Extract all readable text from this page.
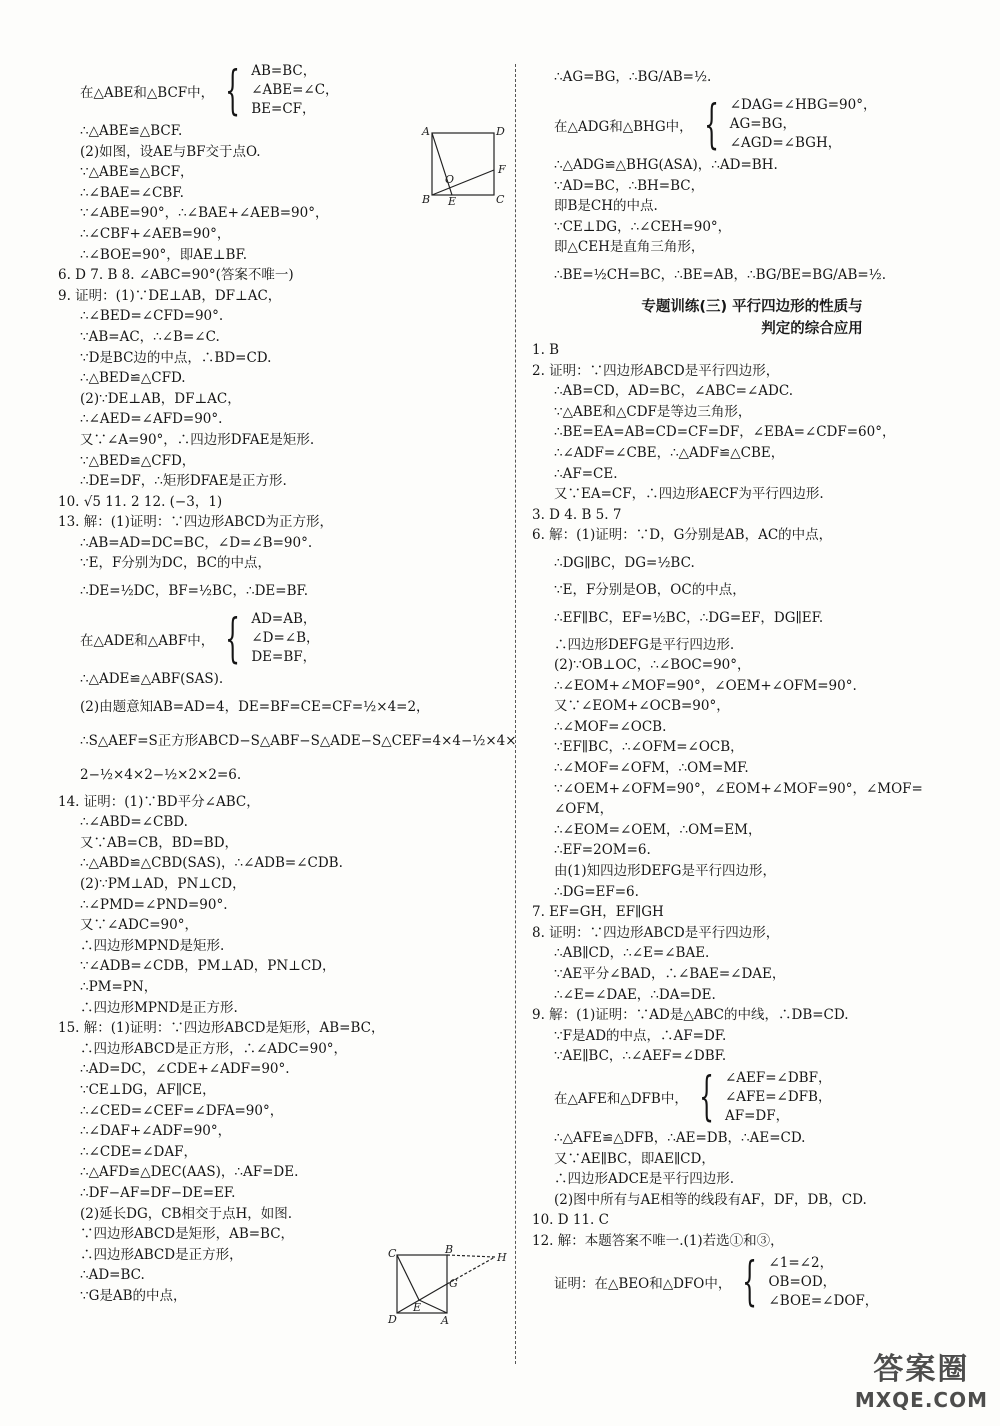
在△ABE和△BCF中， { AB=BC，
∠ABE=∠C，
BE=CF，
∴△ABE≌△BCF.
(2)如图，设AE与BF交于点O.
∵△ABE≌△BCF，
∴∠BAE=∠CBF.
∵∠ABE=90°，∴∠BAE+∠AEB=90°，
∴∠CBF+∠AEB=90°，
∴∠BOE=90°，即AE⊥BF.
6. D 7. B 8. ∠ABC=90°(答案不唯一)
9. 证明：(1)∵DE⊥AB，DF⊥AC，
∴∠BED=∠CFD=90°.
∵AB=AC，∴∠B=∠C.
∵D是BC边的中点，∴BD=CD.
∴△BED≌△CFD.
(2)∵DE⊥AB，DF⊥AC，
∴∠AED=∠AFD=90°.
又∵∠A=90°，∴四边形DFAE是矩形.
∵△BED≌△CFD，
∴DE=DF，∴矩形DFAE是正方形.
10. √5 11. 2 12. (−3，1)
13. 解：(1)证明：∵四边形ABCD为正方形，
∴AB=AD=DC=BC，∠D=∠B=90°.
∵E，F分别为DC，BC的中点，
∴DE=½DC，BF=½BC，∴DE=BF.
在△ADE和△ABF中， { AD=AB，
∠D=∠B，
DE=BF，
∴△ADE≌△ABF(SAS).
(2)由题意知AB=AD=4，DE=BF=CE=CF=½×4=2，
∴S△AEF=S正方形ABCD−S△ABF−S△ADE−S△CEF=4×4−½×4×
2−½×4×2−½×2×2=6.
14. 证明：(1)∵BD平分∠ABC，
∴∠ABD=∠CBD.
又∵AB=CB，BD=BD，
∴△ABD≌△CBD(SAS)，∴∠ADB=∠CDB.
(2)∵PM⊥AD，PN⊥CD，
∴∠PMD=∠PND=90°.
又∵∠ADC=90°，
∴四边形MPND是矩形.
∵∠ADB=∠CDB，PM⊥AD，PN⊥CD，
∴PM=PN，
∴四边形MPND是正方形.
15. 解：(1)证明：∵四边形ABCD是矩形，AB=BC，
∴四边形ABCD是正方形，∴∠ADC=90°，
∴AD=DC，∠CDE+∠ADF=90°.
∵CE⊥DG，AF∥CE，
∴∠CED=∠CEF=∠DFA=90°，
∴∠DAF+∠ADF=90°，
∴∠CDE=∠DAF，
∴△AFD≌△DEC(AAS)，∴AF=DE.
∴DF−AF=DF−DE=EF.
(2)延长DG，CB相交于点H，如图.
∵四边形ABCD是矩形，AB=BC，
∴四边形ABCD是正方形，
∴AD=BC.
∵G是AB的中点，
A	D
F
O
B E	C
C	B
H
G
E
D	A
∴AG=BG，∴BG/AB=½.
在△ADG和△BHG中， { ∠DAG=∠HBG=90°，
AG=BG，
∠AGD=∠BGH，
∴△ADG≌△BHG(ASA)，∴AD=BH.
∵AD=BC，∴BH=BC，
即B是CH的中点.
∵CE⊥DG，∴∠CEH=90°，
即△CEH是直角三角形，
∴BE=½CH=BC，∴BE=AB，∴BG/BE=BG/AB=½.
专题训练(三) 平行四边形的性质与
判定的综合应用
1. B
2. 证明：∵四边形ABCD是平行四边形，
∴AB=CD，AD=BC，∠ABC=∠ADC.
∵△ABE和△CDF是等边三角形，
∴BE=EA=AB=CD=CF=DF，∠EBA=∠CDF=60°，
∴∠ADF=∠CBE，∴△ADF≌△CBE，
∴AF=CE.
又∵EA=CF，∴四边形AECF为平行四边形.
3. D 4. B 5. 7
6. 解：(1)证明：∵D，G分别是AB，AC的中点，
∴DG∥BC，DG=½BC.
∵E，F分别是OB，OC的中点，
∴EF∥BC，EF=½BC，∴DG=EF，DG∥EF.
∴四边形DEFG是平行四边形.
(2)∵OB⊥OC，∴∠BOC=90°，
∴∠EOM+∠MOF=90°，∠OEM+∠OFM=90°.
又∵∠EOM+∠OCB=90°，
∴∠MOF=∠OCB.
∵EF∥BC，∴∠OFM=∠OCB，
∴∠MOF=∠OFM，∴OM=MF.
∵∠OEM+∠OFM=90°，∠EOM+∠MOF=90°，∠MOF=
∠OFM，
∴∠EOM=∠OEM，∴OM=EM，
∴EF=2OM=6.
由(1)知四边形DEFG是平行四边形，
∴DG=EF=6.
7. EF=GH，EF∥GH
8. 证明：∵四边形ABCD是平行四边形，
∴AB∥CD，∴∠E=∠BAE.
∵AE平分∠BAD，∴∠BAE=∠DAE，
∴∠E=∠DAE，∴DA=DE.
9. 解：(1)证明：∵AD是△ABC的中线，∴DB=CD.
∵F是AD的中点，∴AF=DF.
∵AE∥BC，∴∠AEF=∠DBF.
在△AFE和△DFB中， { ∠AEF=∠DBF，
∠AFE=∠DFB，
AF=DF，
∴△AFE≌△DFB，∴AE=DB，∴AE=CD.
又∵AE∥BC，即AE∥CD，
∴四边形ADCE是平行四边形.
(2)图中所有与AE相等的线段有AF，DF，DB，CD.
10. D 11. C
12. 解：本题答案不唯一.(1)若选①和③，
证明：在△BEO和△DFO中， { ∠1=∠2，
OB=OD，
∠BOE=∠DOF，
答案圈
MXQE.COM
